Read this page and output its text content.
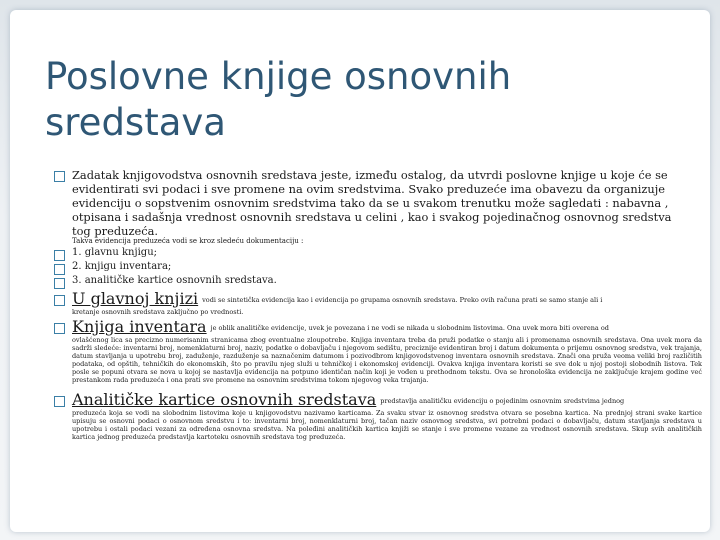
Poslovne knjige osnovnih sredstava
Zadatak knjigovodstva osnovnih sredstava jeste, između ostalog, da utvrdi poslovne knjige u koje će se evidentirati svi podaci i sve promene na ovim sredstvima. Svako preduzeće ima obavezu da organizuje evidenciju o sopstvenim osnovnim sredstvima tako da se u svakom trenutku može sagledati : nabavna , otpisana i sadašnja vrednost osnovnih sredstava u celini , kao i svakog pojedinačnog osnovnog sredstva tog preduzeća.
Takva evidencija preduzeća vodi se kroz sledeću dokumentaciju :
1. glavnu knjigu;
2. knjigu inventara;
3. analitičke kartice osnovnih sredstava.
U glavnoj knjizi vodi se sintetička evidencija kao i evidencija po grupama osnovnih sredstava. Preko ovih računa prati se samo stanje ali i
kretanje osnovnih sredstava zaključno po vrednosti.
Knjiga inventara je oblik analitičke evidencije, uvek je povezana i ne vodi se nikada u slobodnim listovima. Ona uvek mora biti overena od
ovlašćenog lica sa precizno numerisanim stranicama zbog eventualne zloupotrebe. Knjiga inventara treba da pruži podatke o stanju ali i promenama osnovnih sredstava. Ona uvek mora da sadrži sledeće: inventarni broj, nomenklaturni broj, naziv, podatke o dobavljaču i njegovom sedištu, preciznije evidentiran broj i datum dokumenta o prijemu osnovnog sredstva, vek trajanja, datum stavljanja u upotrebu broj, zaduženje, razduženje sa naznačenim datumom i pozivodbrom knjigovodstvenog inventara osnovnih sredstava. Znači ona pruža veoma veliki broj različitih podataka, od opštih, tehničkih do ekonomskih, što po pravilu njeg služi u tehničkoj i ekonomskoj evidenciji. Ovakva knjiga inventara koristi se sve dok u njoj postoji slobodnih listova. Tek posle se popuni otvara se nova u kojoj se nastavlja evidencija na potpuno identičan način koji je vođen u prethodnom tekstu. Ova se hronološka evidencija ne zaključuje krajem godine već prestankom rada preduzeća i ona prati sve promene na osnovnim sredstvima tokom njegovog veka trajanja.
Analitičke kartice osnovnih sredstava predstavlja analitičku evidenciju o pojedinim osnovnim sredstvima jednog
preduzeća koja se vodi na slobodnim listovima koje u knjigovodstvu nazivamo karticama. Za svaku stvar iz osnovnog sredstva otvara se posebna kartica. Na prednjoj strani svake kartice upisuju se osnovni podaci o osnovnom sredstvu i to: inventarni broj, nomenklaturni broj, tačan naziv osnovnog sredstva, svi potrebni podaci o dobavljaču, datum stavljanja sredstava u upotrebu i ostali podaci vezani za određena osnovna sredstva. Na poleđini analitičkih kartica knjiži se stanje i sve promene vezane za vrednost osnovnih sredstava. Skup svih analitičkih kartica jednog preduzeća predstavlja kartoteku osnovnih sredstava tog preduzeća.
